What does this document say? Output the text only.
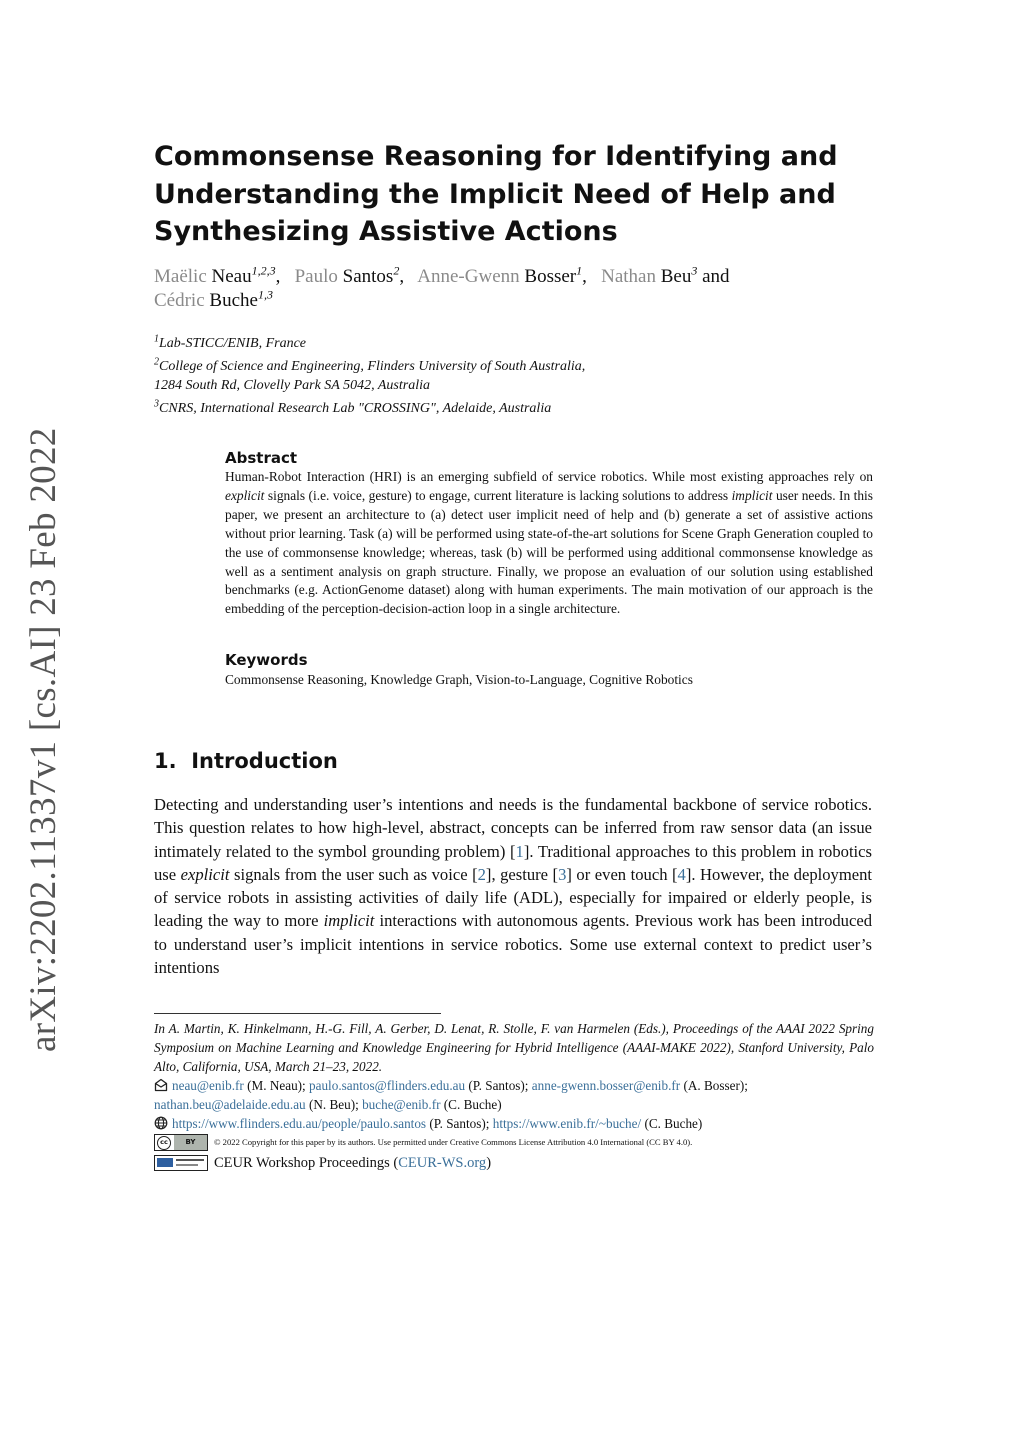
arXiv:2202.11337v1 [cs.AI] 23 Feb 2022
Commonsense Reasoning for Identifying and
Understanding the Implicit Need of Help and
Synthesizing Assistive Actions
Maëlic Neau$^{1,2,3}$,   Paulo Santos$^2$,   Anne-Gwenn Bosser$^1$,   Nathan Beu$^3$ and
Cédric Buche$^{1,3}$
$^1$Lab-STICC/ENIB, France
$^2$College of Science and Engineering, Flinders University of South Australia,
1284 South Rd, Clovelly Park SA 5042, Australia
$^3$CNRS, International Research Lab "CROSSING", Adelaide, Australia
Abstract
Human-Robot Interaction (HRI) is an emerging subfield of service robotics. While most existing approaches rely on explicit signals (i.e. voice, gesture) to engage, current literature is lacking solutions to address implicit user needs. In this paper, we present an architecture to (a) detect user implicit need of help and (b) generate a set of assistive actions without prior learning. Task (a) will be performed using state-of-the-art solutions for Scene Graph Generation coupled to the use of commonsense knowledge; whereas, task (b) will be performed using additional commonsense knowledge as well as a sentiment analysis on graph structure. Finally, we propose an evaluation of our solution using established benchmarks (e.g. ActionGenome dataset) along with human experiments. The main motivation of our approach is the embedding of the perception-decision-action loop in a single architecture.
Keywords
Commonsense Reasoning, Knowledge Graph, Vision-to-Language, Cognitive Robotics
1.  Introduction
Detecting and understanding user’s intentions and needs is the fundamental backbone of service robotics. This question relates to how high-level, abstract, concepts can be inferred from raw sensor data (an issue intimately related to the symbol grounding problem) [1]. Traditional approaches to this problem in robotics use explicit signals from the user such as voice [2], gesture [3] or even touch [4]. However, the deployment of service robots in assisting activities of daily life (ADL), especially for impaired or elderly people, is leading the way to more implicit interactions with autonomous agents. Previous work has been introduced to understand user’s implicit intentions in service robotics. Some use external context to predict user’s intentions
In A. Martin, K. Hinkelmann, H.-G. Fill, A. Gerber, D. Lenat, R. Stolle, F. van Harmelen (Eds.), Proceedings of the AAAI 2022 Spring Symposium on Machine Learning and Knowledge Engineering for Hybrid Intelligence (AAAI-MAKE 2022), Stanford University, Palo Alto, California, USA, March 21–23, 2022.
neau@enib.fr (M. Neau); paulo.santos@flinders.edu.au (P. Santos); anne-gwenn.bosser@enib.fr (A. Bosser);
nathan.beu@adelaide.edu.au (N. Beu); buche@enib.fr (C. Buche)
https://www.flinders.edu.au/people/paulo.santos (P. Santos); https://www.enib.fr/~buche/ (C. Buche)
cc	BY	© 2022 Copyright for this paper by its authors. Use permitted under Creative Commons License Attribution 4.0 International (CC BY 4.0).
CEUR Workshop Proceedings (CEUR-WS.org)
